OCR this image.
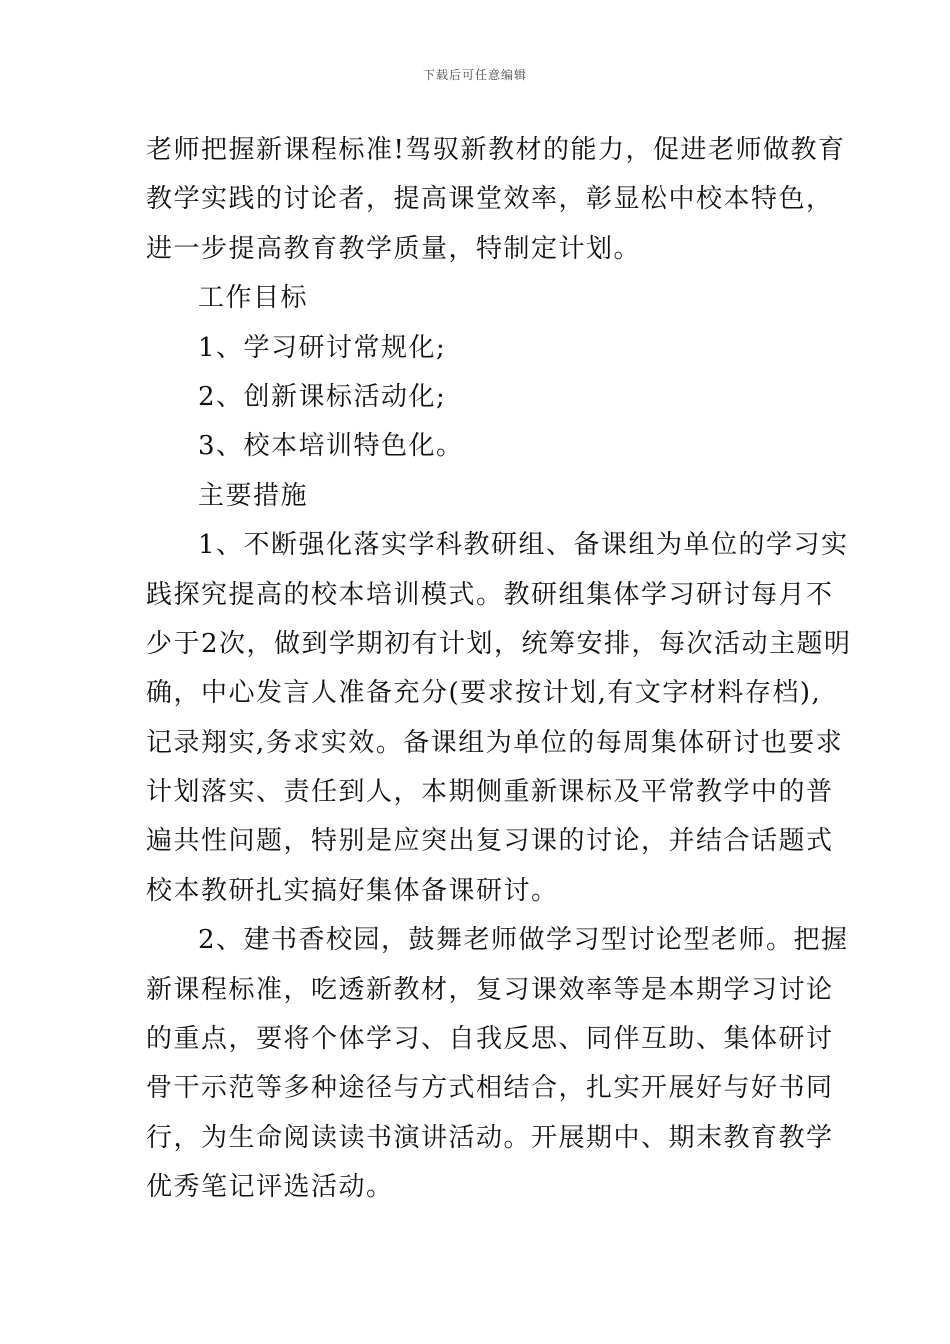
下载后可任意编辑
老师把握新课程标准!驾驭新教材的能力，促进老师做教育
教学实践的讨论者，提高课堂效率，彰显松中校本特色，
进一步提高教育教学质量，特制定计划。
工作目标
1、学习研讨常规化;
2、创新课标活动化;
3、校本培训特色化。
主要措施
1、不断强化落实学科教研组、备课组为单位的学习实
践探究提高的校本培训模式。教研组集体学习研讨每月不
少于2次，做到学期初有计划，统筹安排，每次活动主题明
确，中心发言人准备充分(要求按计划,有文字材料存档),
记录翔实,务求实效。备课组为单位的每周集体研讨也要求
计划落实、责任到人，本期侧重新课标及平常教学中的普
遍共性问题，特别是应突出复习课的讨论，并结合话题式
校本教研扎实搞好集体备课研讨。
2、建书香校园，鼓舞老师做学习型讨论型老师。把握
新课程标准，吃透新教材，复习课效率等是本期学习讨论
的重点，要将个体学习、自我反思、同伴互助、集体研讨
骨干示范等多种途径与方式相结合，扎实开展好与好书同
行，为生命阅读读书演讲活动。开展期中、期末教育教学
优秀笔记评选活动。
